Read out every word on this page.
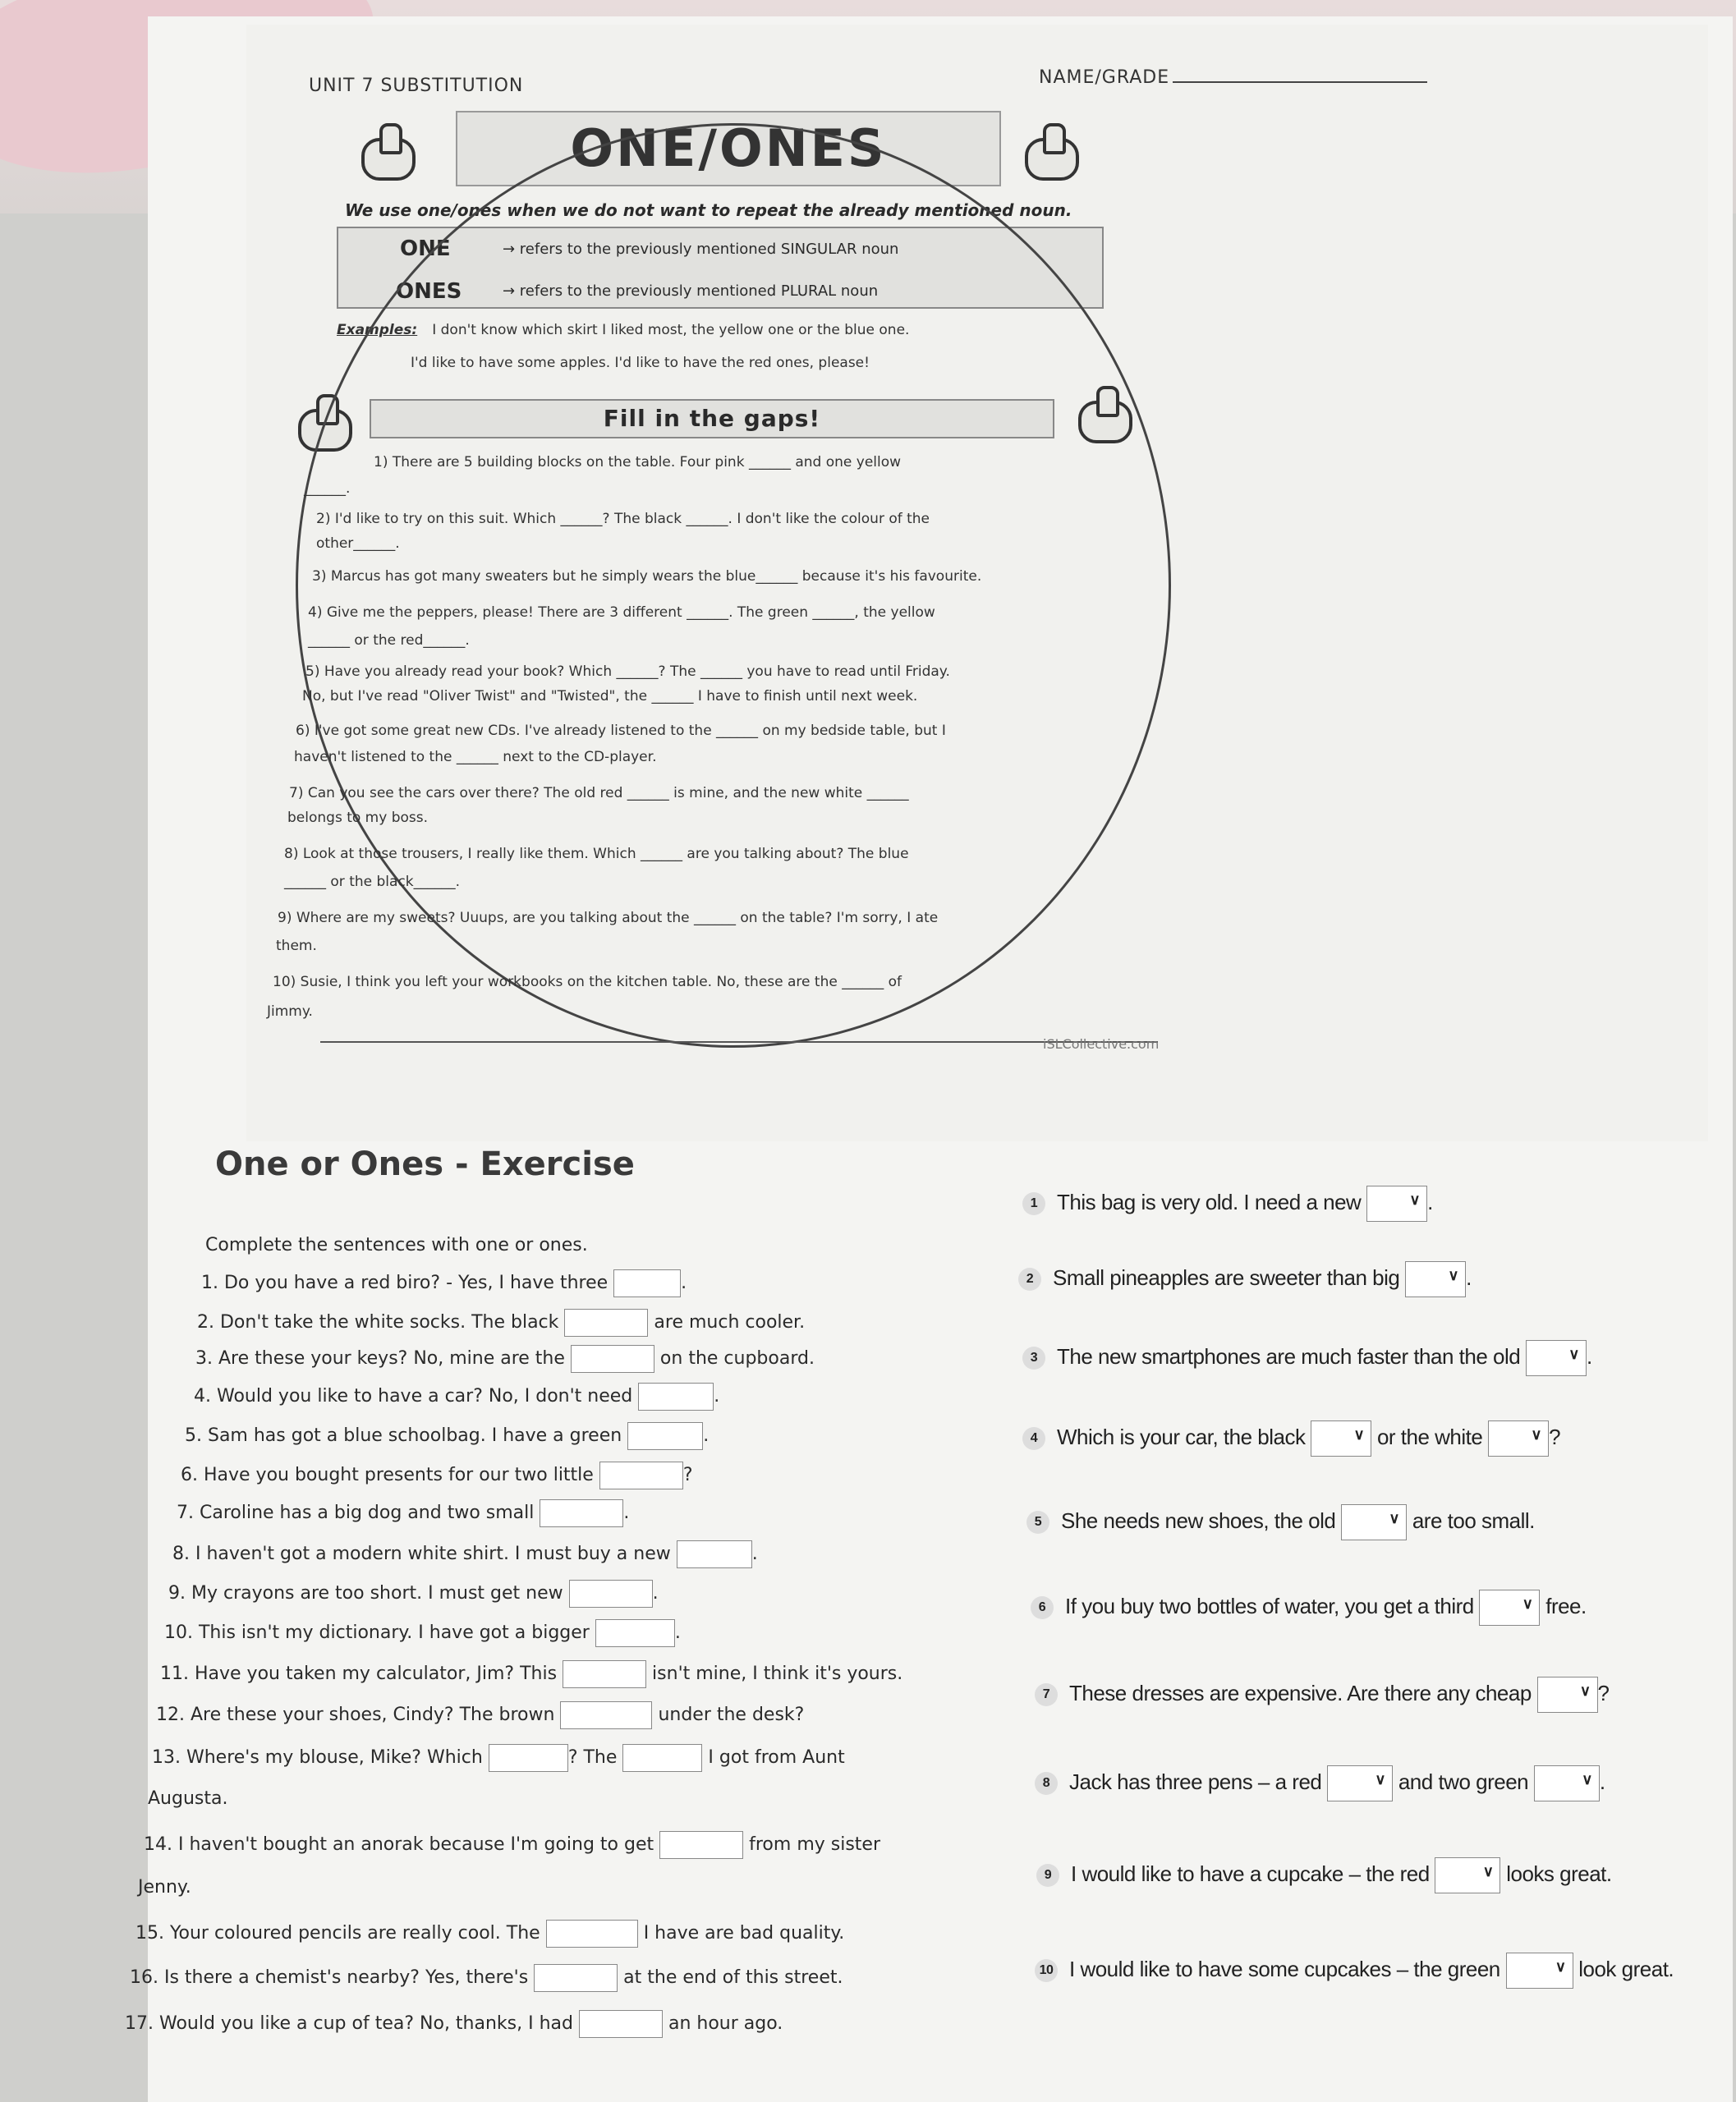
UNIT 7 SUBSTITUTION	NAME/GRADE
ONE/ONES
We use one/ones when we do not want to repeat the already mentioned noun.
ONE	→ refers to the previously mentioned SINGULAR noun
ONES	→ refers to the previously mentioned PLURAL noun
Examples: I don't know which skirt I liked most, the yellow one or the blue one.
I'd like to have some apples. I'd like to have the red ones, please!
Fill in the gaps!
1) There are 5 building blocks on the table. Four pink ______ and one yellow
______.
2) I'd like to try on this suit. Which ______? The black ______. I don't like the colour of the
other______.
3) Marcus has got many sweaters but he simply wears the blue______ because it's his favourite.
4) Give me the peppers, please! There are 3 different ______. The green ______, the yellow
______ or the red______.
5) Have you already read your book? Which ______? The ______ you have to read until Friday.
No, but I've read "Oliver Twist" and "Twisted", the ______ I have to finish until next week.
6) I've got some great new CDs. I've already listened to the ______ on my bedside table, but I
haven't listened to the ______ next to the CD-player.
7) Can you see the cars over there? The old red ______ is mine, and the new white ______
belongs to my boss.
8) Look at those trousers, I really like them. Which ______ are you talking about? The blue
______ or the black______.
9) Where are my sweets? Uuups, are you talking about the ______ on the table? I'm sorry, I ate
them.
10) Susie, I think you left your workbooks on the kitchen table. No, these are the ______ of
Jimmy.
iSLCollective.com
One or Ones - Exercise
Complete the sentences with one or ones.
1. Do you have a red biro? - Yes, I have three	.
2. Don't take the white socks. The black	are much cooler.
3. Are these your keys? No, mine are the	on the cupboard.
4. Would you like to have a car? No, I don't need	.
5. Sam has got a blue schoolbag. I have a green	.
6. Have you bought presents for our two little	?
7. Caroline has a big dog and two small	.
8. I haven't got a modern white shirt. I must buy a new	.
9. My crayons are too short. I must get new	.
10. This isn't my dictionary. I have got a bigger	.
11. Have you taken my calculator, Jim? This	isn't mine, I think it's yours.
12. Are these your shoes, Cindy? The brown	under the desk?
13. Where's my blouse, Mike? Which	? The	I got from Aunt
Augusta.
14. I haven't bought an anorak because I'm going to get	from my sister
Jenny.
15. Your coloured pencils are really cool. The	I have are bad quality.
16. Is there a chemist's nearby? Yes, there's	at the end of this street.
17. Would you like a cup of tea? No, thanks, I had	an hour ago.
1 This bag is very old. I need a new ∨	.
2 Small pineapples are sweeter than big ∨	.
3 The new smartphones are much faster than the old ∨	.
4 Which is your car, the black ∨	or the white ∨	?
5 She needs new shoes, the old ∨	are too small.
6 If you buy two bottles of water, you get a third ∨	free.
7 These dresses are expensive. Are there any cheap ∨	?
8 Jack has three pens – a red ∨	and two green ∨	.
9 I would like to have a cupcake – the red ∨	looks great.
10 I would like to have some cupcakes – the green ∨	look great.
